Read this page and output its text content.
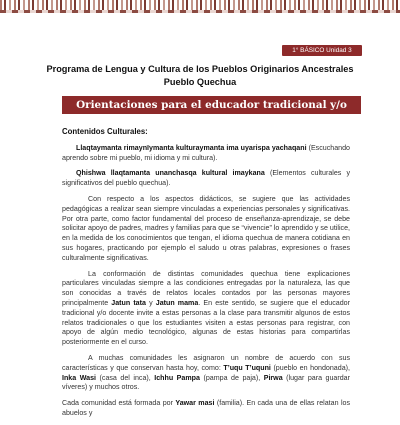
1° BÁSICO Unidad 3
Programa de Lengua y Cultura de los Pueblos Originarios Ancestrales
Pueblo Quechua
Orientaciones para el educador tradicional y/o docente

Contenidos Culturales:

Llaqtaymanta rimaynïymanta kulturaymanta ima uyarispa yachaqani (Escuchando aprendo sobre mi pueblo, mi idioma y mi cultura).

Qhishwa llaqtamanta unanchasqa kultural imaykana (Elementos culturales y significativos del pueblo quechua).

Con respecto a los aspectos didácticos, se sugiere que las actividades pedagógicas a realizar sean siempre vinculadas a experiencias personales y significativas. Por otra parte, como factor fundamental del proceso de enseñanza-aprendizaje, se debe solicitar apoyo de padres, madres y familias para que se “vivencie” lo aprendido y se utilice, en la medida de los conocimientos que tengan, el idioma quechua de manera cotidiana en sus hogares, practicando por ejemplo el saludo u otras palabras, expresiones o frases culturalmente significativas.

La conformación de distintas comunidades quechua tiene explicaciones particulares vinculadas siempre a las condiciones entregadas por la naturaleza, las que son conocidas a través de relatos locales contados por las personas mayores principalmente Jatun tata y Jatun mama. En este sentido, se sugiere que el educador tradicional y/o docente invite a estas personas a la clase para transmitir algunos de estos relatos tradicionales o que los estudiantes visiten a estas personas para registrar, con apoyo de algún medio tecnológico, algunas de estas historias para compartirlas posteriormente en el curso.

A muchas comunidades les asignaron un nombre de acuerdo con sus características y que conservan hasta hoy, como: T’uqu T’uquni (pueblo en hondonada), Inka Wasi (casa del inca), Ichhu Pampa (pampa de paja), Pirwa (lugar para guardar víveres) y muchos otros.

Cada comunidad está formada por Yawar masi (familia). En cada una de ellas relatan los abuelos y
